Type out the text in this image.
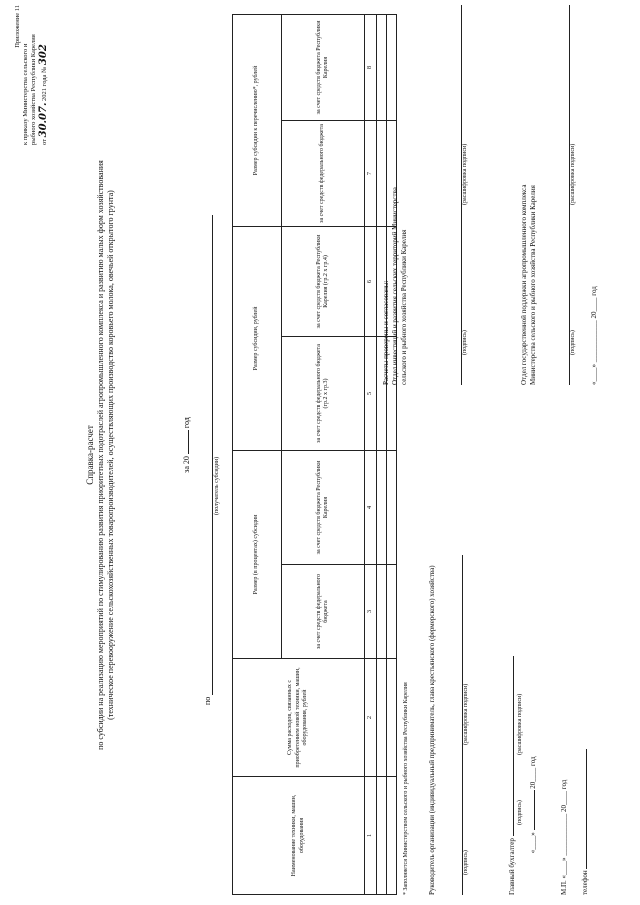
Приложение 11
к приказу Министерства сельского и рыбного хозяйства Республики Карелия от 30.07. 2021 года № 302
Справка-расчет по субсидии на реализацию мероприятий по стимулированию развития приоритетных подотраслей агропромышленного комплекса и развитию малых форм хозяйствования (техническое перевооружение сельскохозяйственных товаропроизводителей, осуществляющих производство коровьего молока, овечьей открытого грунта)	за 20  год
по
(получатель субсидии)
Наименование техники, машин, оборудования	Сумма расходов, связанных с приобретением новой техники, машин, оборудования, рублей	Размер (в процентах) субсидии		Размер субсидии, рублей		Размер субсидии к перечислению*, рублей	
		за счет средств федерального бюджета	за счет средств бюджета Республики Карелия	за счет средств федерального бюджета (гр.2 х гр.3)	за счет средств бюджета Республики Карелия (гр.2 х гр.4)	за счет средств федерального бюджета	за счет средств бюджета Республики Карелия
1	2	3	4	5	6	7	8

* Заполняется Министерством сельского и рыбного хозяйства Республики Карелия
Расчеты проверены и согласованы: Отдел инвестиций и развития сельских территорий Министерства сельского и рыбного хозяйства Республики Карелия	(подпись)
(расшифровка подписи)
Отдел государственной поддержки агропромышленного комплекса Министерства сельского и рыбного хозяйства Республики Карелия	(подпись)
(расшифровка подписи)
«____» ____________ 20____ год
Руководитель организации (индивидуальный предприниматель, глава крестьянского (фермерского) хозяйства)	(подпись)
(расшифровка подписи)
Главный бухгалтер
(подпись)
(расшифровка подписи)
«____»  20____ год
М.П. «____» ____________ 20____ год
телефон
